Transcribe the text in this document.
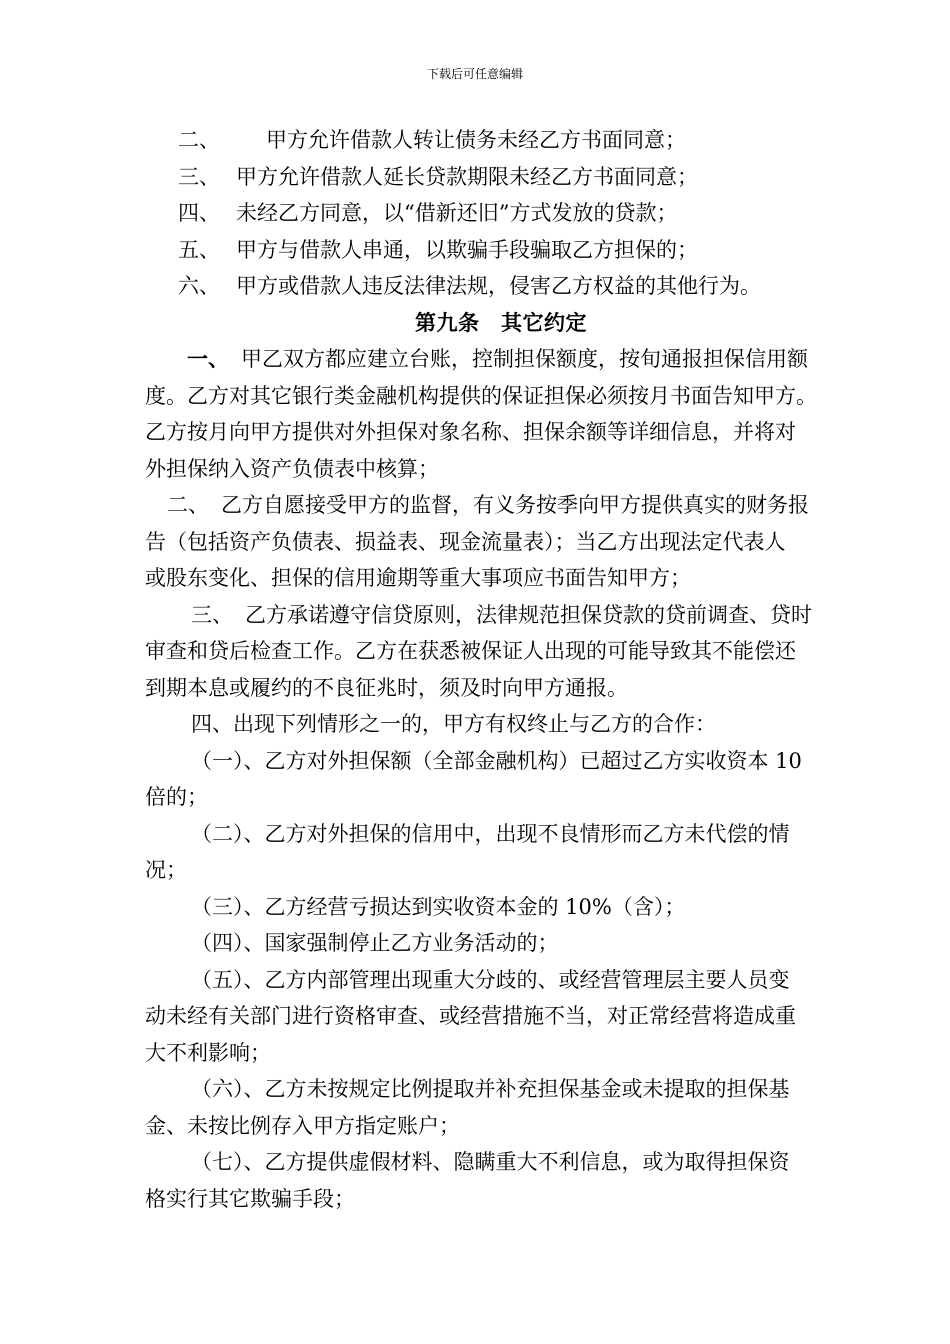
下载后可任意编辑

二、 甲方允许借款人转让债务未经乙方书面同意；

三、 甲方允许借款人延长贷款期限未经乙方书面同意；

四、 未经乙方同意，以“借新还旧”方式发放的贷款；

五、 甲方与借款人串通，以欺骗手段骗取乙方担保的；

六、 甲方或借款人违反法律法规，侵害乙方权益的其他行为。

第九条　其它约定

一、 甲乙双方都应建立台账，控制担保额度，按旬通报担保信用额

度。乙方对其它银行类金融机构提供的保证担保必须按月书面告知甲方。

乙方按月向甲方提供对外担保对象名称、担保余额等详细信息，并将对

外担保纳入资产负债表中核算；

二、 乙方自愿接受甲方的监督，有义务按季向甲方提供真实的财务报

告（包括资产负债表、损益表、现金流量表）；当乙方出现法定代表人

或股东变化、担保的信用逾期等重大事项应书面告知甲方；

三、 乙方承诺遵守信贷原则，法律规范担保贷款的贷前调查、贷时

审查和贷后检查工作。乙方在获悉被保证人出现的可能导致其不能偿还

到期本息或履约的不良征兆时，须及时向甲方通报。

四、出现下列情形之一的，甲方有权终止与乙方的合作：

（一）、乙方对外担保额（全部金融机构）已超过乙方实收资本 10

倍的；

（二）、乙方对外担保的信用中，出现不良情形而乙方未代偿的情

况；

（三）、乙方经营亏损达到实收资本金的 10%（含）；

（四）、国家强制停止乙方业务活动的；

（五）、乙方内部管理出现重大分歧的、或经营管理层主要人员变

动未经有关部门进行资格审查、或经营措施不当，对正常经营将造成重

大不利影响；

（六）、乙方未按规定比例提取并补充担保基金或未提取的担保基

金、未按比例存入甲方指定账户；

（七）、乙方提供虚假材料、隐瞒重大不利信息，或为取得担保资

格实行其它欺骗手段；
